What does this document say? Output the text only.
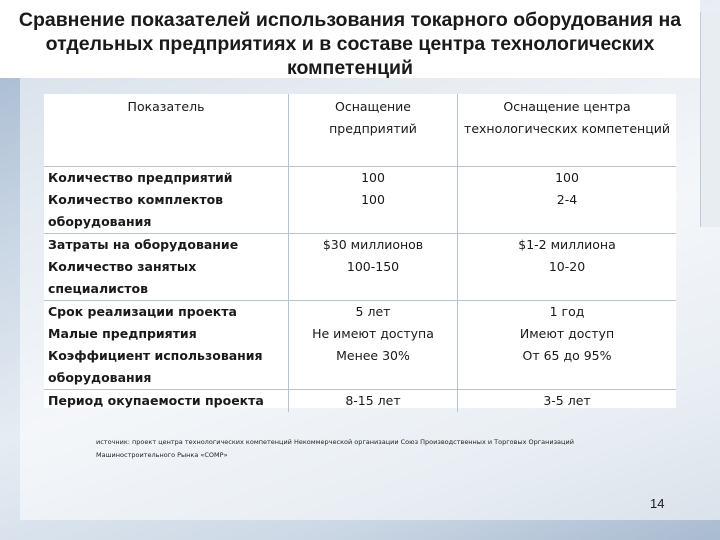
Сравнение показателей использования токарного оборудования на отдельных предприятиях и в составе центра технологических компетенций
Показатель	Оснащение предприятий	Оснащение центра технологических компетенций
Количество предприятий	100	100
Количество комплектов оборудования	100	2-4
Затраты на оборудование	$30 миллионов	$1-2 миллиона
Количество занятых специалистов	100-150	10-20
Срок реализации проекта	5 лет	1 год
Малые предприятия	Не имеют доступа	Имеют доступ
Коэффициент использования оборудования	Менее 30%	От 65 до 95%
Период окупаемости проекта	8-15 лет	3-5 лет
источник: проект центра технологических компетенций Некоммерческой организации Союз Производственных и Торговых Организаций Машиностроительного Рынка «СОМР»
14
